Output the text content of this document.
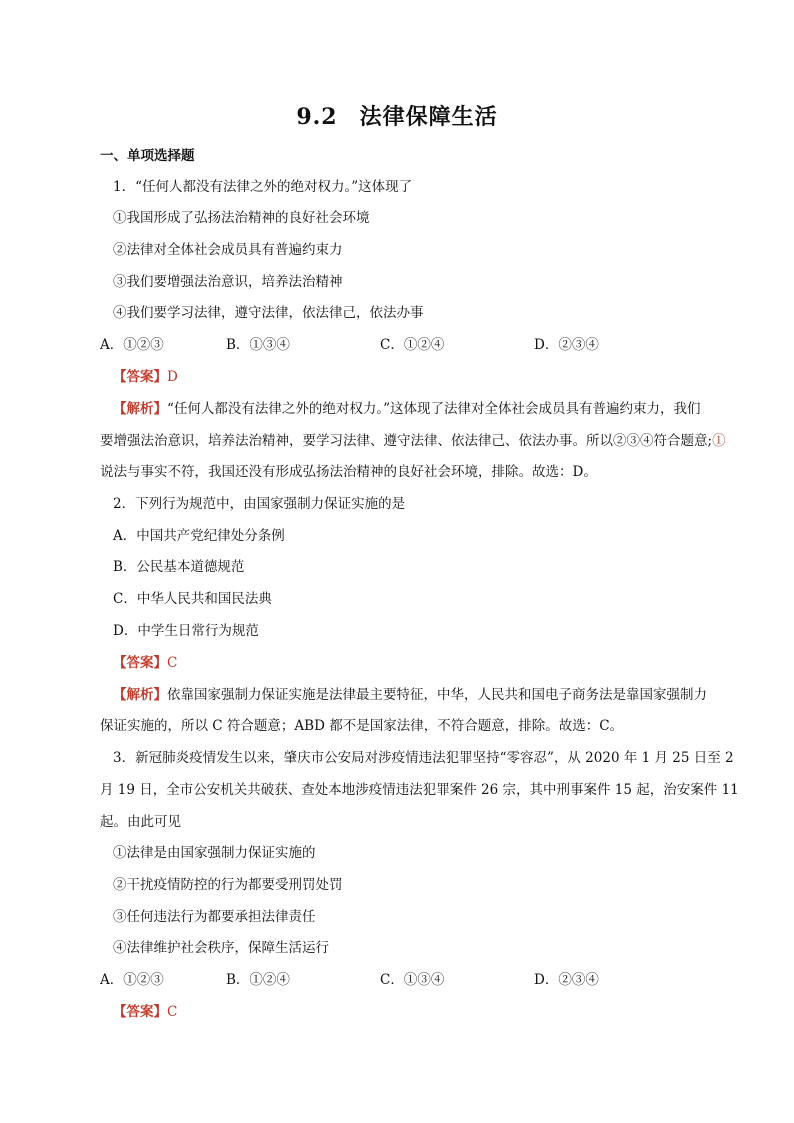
9.2 法律保障生活
一、单项选择题
1．“任何人都没有法律之外的绝对权力。”这体现了
①我国形成了弘扬法治精神的良好社会环境
②法律对全体社会成员具有普遍约束力
③我们要增强法治意识，培养法治精神
④我们要学习法律，遵守法律，依法律己，依法办事
A．①②③	B．①③④	C．①②④	D．②③④
【答案】D
【解析】“任何人都没有法律之外的绝对权力。”这体现了法律对全体社会成员具有普遍约束力，我们
要增强法治意识，培养法治精神，要学习法律、遵守法律、依法律己、依法办事。所以②③④符合题意;①
说法与事实不符，我国还没有形成弘扬法治精神的良好社会环境，排除。故选：D。
2．下列行为规范中，由国家强制力保证实施的是
A．中国共产党纪律处分条例
B．公民基本道德规范
C．中华人民共和国民法典
D．中学生日常行为规范
【答案】C
【解析】依靠国家强制力保证实施是法律最主要特征，中华，人民共和国电子商务法是靠国家强制力
保证实施的，所以 C 符合题意；ABD 都不是国家法律，不符合题意，排除。故选：C。
3．新冠肺炎疫情发生以来，肇庆市公安局对涉疫情违法犯罪坚持“零容忍”，从 2020 年 1 月 25 日至 2
月 19 日，全市公安机关共破获、查处本地涉疫情违法犯罪案件 26 宗，其中刑事案件 15 起，治安案件 11
起。由此可见
①法律是由国家强制力保证实施的
②干扰疫情防控的行为都要受刑罚处罚
③任何违法行为都要承担法律责任
④法律维护社会秩序，保障生活运行
A．①②③	B．①②④	C．①③④	D．②③④
【答案】C
